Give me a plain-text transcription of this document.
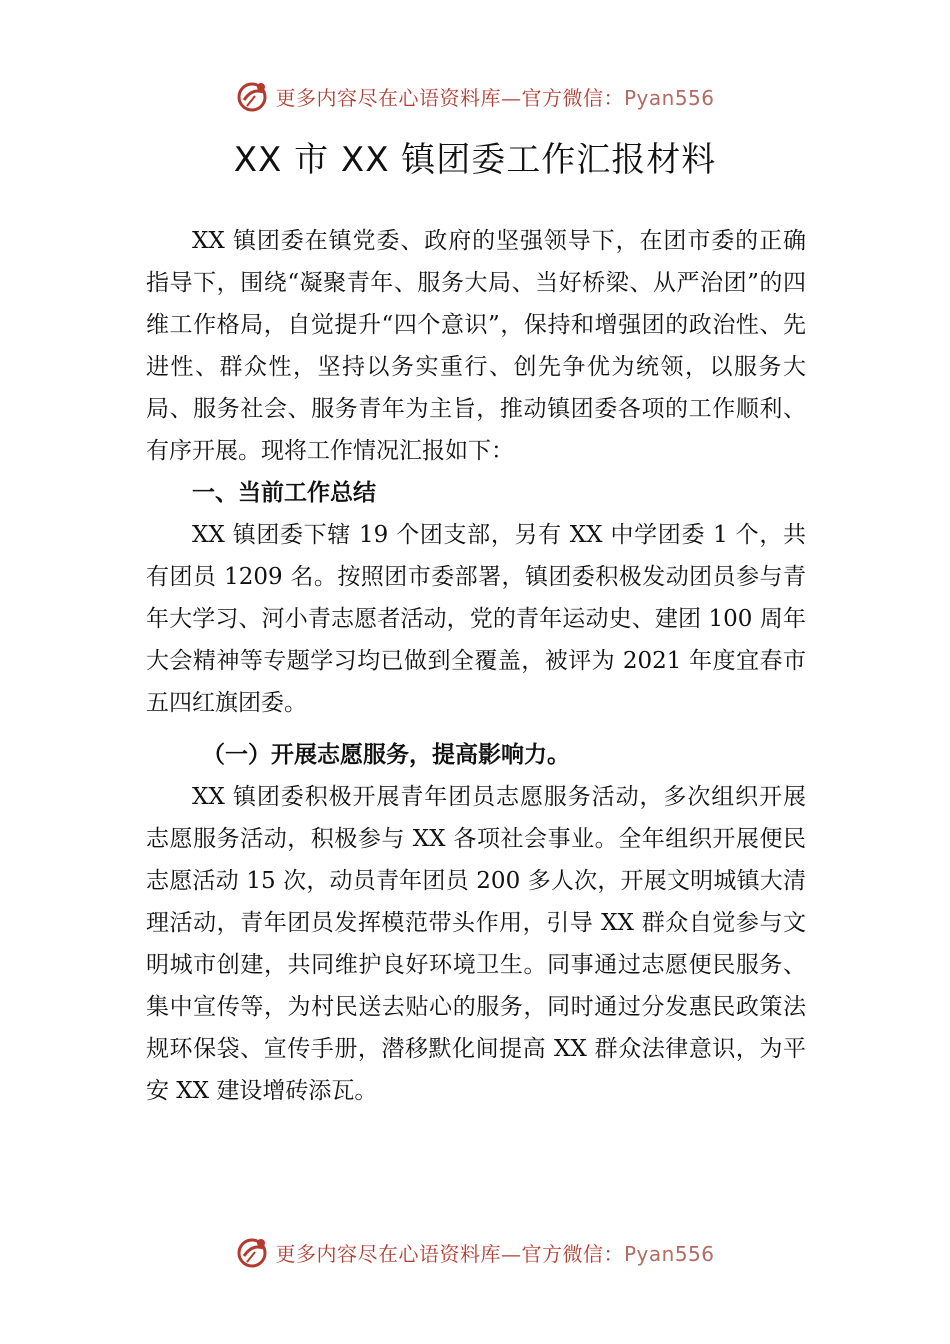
更多内容尽在心语资料库—官方微信：Pyan556
XX 市 XX 镇团委工作汇报材料

XX 镇团委在镇党委、政府的坚强领导下，在团市委的正确指导下，围绕“凝聚青年、服务大局、当好桥梁、从严治团”的四维工作格局，自觉提升“四个意识”，保持和增强团的政治性、先进性、群众性，坚持以务实重行、创先争优为统领，以服务大局、服务社会、服务青年为主旨，推动镇团委各项的工作顺利、有序开展。现将工作情况汇报如下：

一、当前工作总结

XX 镇团委下辖 19 个团支部，另有 XX 中学团委 1 个，共有团员 1209 名。按照团市委部署，镇团委积极发动团员参与青年大学习、河小青志愿者活动，党的青年运动史、建团 100 周年大会精神等专题学习均已做到全覆盖，被评为 2021 年度宜春市五四红旗团委。

（一）开展志愿服务，提高影响力。

XX 镇团委积极开展青年团员志愿服务活动，多次组织开展志愿服务活动，积极参与 XX 各项社会事业。全年组织开展便民志愿活动 15 次，动员青年团员 200 多人次，开展文明城镇大清理活动，青年团员发挥模范带头作用，引导 XX 群众自觉参与文明城市创建，共同维护良好环境卫生。同事通过志愿便民服务、集中宣传等，为村民送去贴心的服务，同时通过分发惠民政策法规环保袋、宣传手册，潜移默化间提高 XX 群众法律意识，为平安 XX 建设增砖添瓦。

更多内容尽在心语资料库—官方微信：Pyan556
